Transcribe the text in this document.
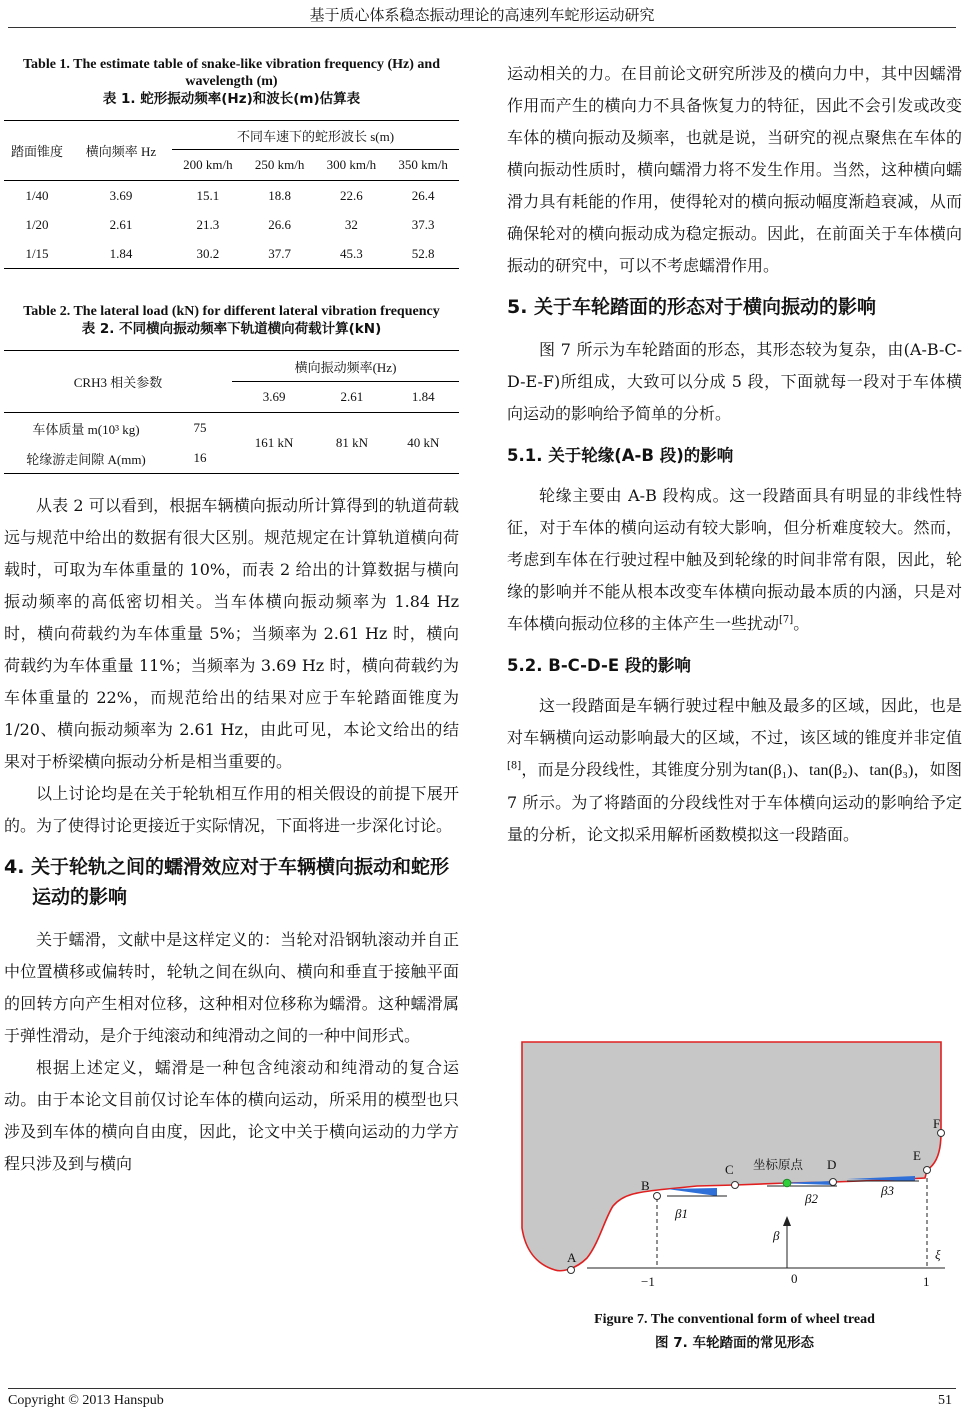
基于质心体系稳态振动理论的高速列车蛇形运动研究
Table 1. The estimate table of snake-like vibration frequency (Hz) and wavelength (m)
表 1. 蛇形振动频率(Hz)和波长(m)估算表
踏面锥度	横向频率 Hz	不同车速下的蛇形波长 s(m)			
		200 km/h	250 km/h	300 km/h	350 km/h
1/40	3.69	15.1	18.8	22.6	26.4
1/20	2.61	21.3	26.6	32	37.3
1/15	1.84	30.2	37.7	45.3	52.8
Table 2. The lateral load (kN) for different lateral vibration frequency
表 2. 不同横向振动频率下轨道横向荷载计算(kN)
CRH3 相关参数		横向振动频率(Hz)		
		3.69	2.61	1.84
车体质量 m(10³ kg)	75	161 kN	81 kN	40 kN
轮缘游走间隙 A(mm)	16			

从表 2 可以看到，根据车辆横向振动所计算得到的轨道荷载远与规范中给出的数据有很大区别。规范规定在计算轨道横向荷载时，可取为车体重量的 10%，而表 2 给出的计算数据与横向振动频率的高低密切相关。当车体横向振动频率为 1.84 Hz 时，横向荷载约为车体重量 5%；当频率为 2.61 Hz 时，横向荷载约为车体重量 11%；当频率为 3.69 Hz 时，横向荷载约为车体重量的 22%，而规范给出的结果对应于车轮踏面锥度为 1/20、横向振动频率为 2.61 Hz，由此可见，本论文给出的结果对于桥梁横向振动分析是相当重要的。

以上讨论均是在关于轮轨相互作用的相关假设的前提下展开的。为了使得讨论更接近于实际情况，下面将进一步深化讨论。

4. 关于轮轨之间的蠕滑效应对于车辆横向振动和蛇形运动的影响

关于蠕滑，文献中是这样定义的：当轮对沿钢轨滚动并自正中位置横移或偏转时，轮轨之间在纵向、横向和垂直于接触平面的回转方向产生相对位移，这种相对位移称为蠕滑。这种蠕滑属于弹性滑动，是介于纯滚动和纯滑动之间的一种中间形式。

根据上述定义，蠕滑是一种包含纯滚动和纯滑动的复合运动。由于本论文目前仅讨论车体的横向运动，所采用的模型也只涉及到车体的横向自由度，因此，论文中关于横向运动的力学方程只涉及到与横向

运动相关的力。在目前论文研究所涉及的横向力中，其中因蠕滑作用而产生的横向力不具备恢复力的特征，因此不会引发或改变车体的横向振动及频率，也就是说，当研究的视点聚焦在车体的横向振动性质时，横向蠕滑力将不发生作用。当然，这种横向蠕滑力具有耗能的作用，使得轮对的横向振动幅度渐趋衰减，从而确保轮对的横向振动成为稳定振动。因此，在前面关于车体横向振动的研究中，可以不考虑蠕滑作用。

5. 关于车轮踏面的形态对于横向振动的影响

图 7 所示为车轮踏面的形态，其形态较为复杂，由(A-B-C-D-E-F)所组成，大致可以分成 5 段，下面就每一段对于车体横向运动的影响给予简单的分析。

5.1. 关于轮缘(A-B 段)的影响

轮缘主要由 A-B 段构成。这一段踏面具有明显的非线性特征，对于车体的横向运动有较大影响，但分析难度较大。然而，考虑到车体在行驶过程中触及到轮缘的时间非常有限，因此，轮缘的影响并不能从根本改变车体横向振动最本质的内涵，只是对车体横向振动位移的主体产生一些扰动[7]。

5.2. B-C-D-E 段的影响

这一段踏面是车辆行驶过程中触及最多的区域，因此，也是对车辆横向运动影响最大的区域，不过，该区域的锥度并非定值[8]，而是分段线性，其锥度分别为tan(β₁)、tan(β₂)、tan(β₃)，如图 7 所示。为了将踏面的分段线性对于车体横向运动的影响给予定量的分析，论文拟采用解析函数模拟这一段踏面。

A
B
C	D
E
F
坐标原点
β1
β2
β3
β
ξ
−1	0	1
Figure 7. The conventional form of wheel tread
图 7. 车轮踏面的常见形态
Copyright © 2013 Hanspub	51
